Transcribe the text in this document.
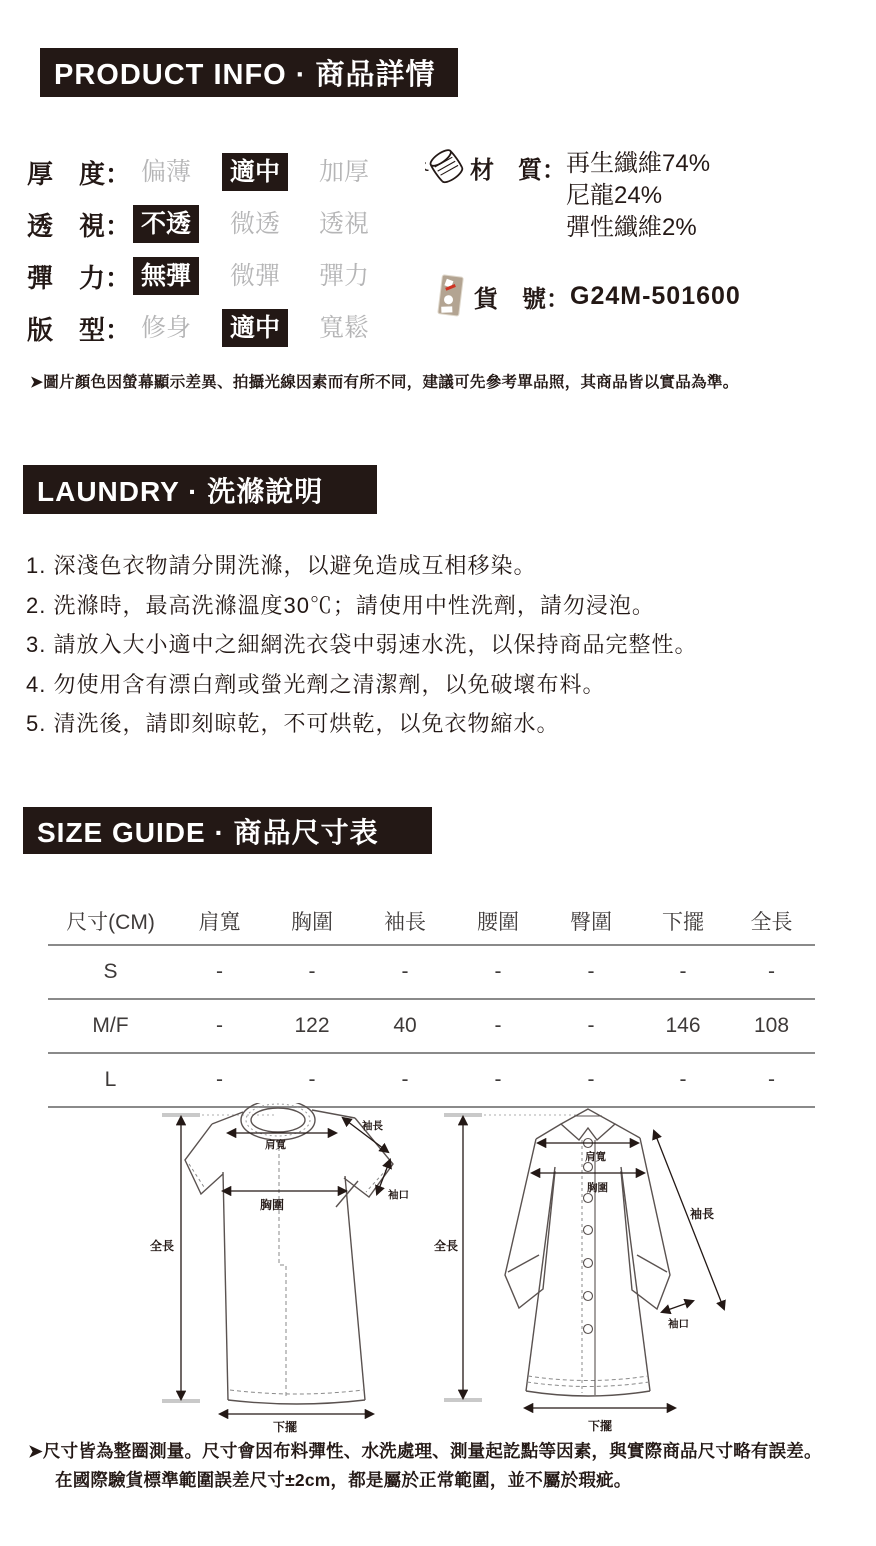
PRODUCT INFO · 商品詳情
厚　度： 偏薄	適中	加厚
透　視： 不透	微透	透視
彈　力： 無彈	微彈	彈力
版　型： 修身	適中	寬鬆
材　質： 再生纖維74%
尼龍24%
彈性纖維2%
貨　號： G24M-501600
➤圖片顏色因螢幕顯示差異、拍攝光線因素而有所不同，建議可先參考單品照，其商品皆以實品為準。
LAUNDRY · 洗滌說明
1. 深淺色衣物請分開洗滌，以避免造成互相移染。
2. 洗滌時，最高洗滌溫度30℃；請使用中性洗劑，請勿浸泡。
3. 請放入大小適中之細網洗衣袋中弱速水洗，以保持商品完整性。
4. 勿使用含有漂白劑或螢光劑之清潔劑，以免破壞布料。
5. 清洗後，請即刻晾乾，不可烘乾，以免衣物縮水。
SIZE GUIDE · 商品尺寸表
尺寸(CM)	肩寬	胸圍	袖長	腰圍	臀圍	下擺	全長
S	-	-	-	-	-	-	-
M/F	-	122	40	-	-	146	108
L	-	-	-	-	-	-	-
全長
肩寬
胸圍
袖長
袖口
下擺
全長
肩寬
胸圍
袖長
袖口
下擺
➤尺寸皆為整圈測量。尺寸會因布料彈性、水洗處理、測量起訖點等因素，與實際商品尺寸略有誤差。
在國際驗貨標準範圍誤差尺寸±2cm，都是屬於正常範圍，並不屬於瑕疵。
